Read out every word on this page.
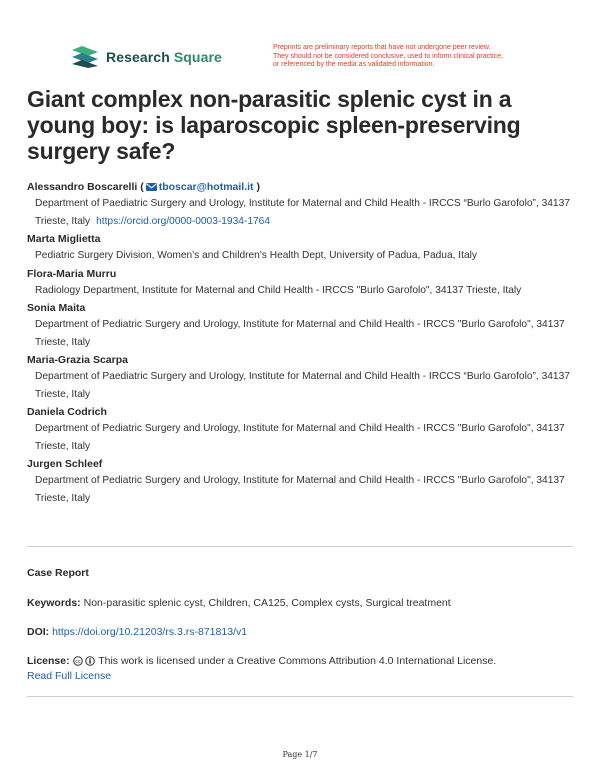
Research Square
Preprints are preliminary reports that have not undergone peer review.
They should not be considered conclusive, used to inform clinical practice,
or referenced by the media as validated information.
Giant complex non-parasitic splenic cyst in a young boy: is laparoscopic spleen-preserving surgery safe?
Alessandro Boscarelli ( tboscar@hotmail.it )
Department of Paediatric Surgery and Urology, Institute for Maternal and Child Health - IRCCS “Burlo Garofolo”, 34137 Trieste, Italy https://orcid.org/0000-0003-1934-1764
Marta Miglietta
Pediatric Surgery Division, Women's and Children's Health Dept, University of Padua, Padua, Italy
Flora-Maria Murru
Radiology Department, Institute for Maternal and Child Health - IRCCS "Burlo Garofolo", 34137 Trieste, Italy
Sonia Maita
Department of Pediatric Surgery and Urology, Institute for Maternal and Child Health - IRCCS "Burlo Garofolo", 34137 Trieste, Italy
Maria-Grazia Scarpa
Department of Paediatric Surgery and Urology, Institute for Maternal and Child Health - IRCCS “Burlo Garofolo”, 34137 Trieste, Italy
Daniela Codrich
Department of Pediatric Surgery and Urology, Institute for Maternal and Child Health - IRCCS "Burlo Garofolo", 34137 Trieste, Italy
Jurgen Schleef
Department of Pediatric Surgery and Urology, Institute for Maternal and Child Health - IRCCS "Burlo Garofolo", 34137 Trieste, Italy
Case Report
Keywords: Non-parasitic splenic cyst, Children, CA125, Complex cysts, Surgical treatment
DOI: https://doi.org/10.21203/rs.3.rs-871813/v1
License: cc This work is licensed under a Creative Commons Attribution 4.0 International License.
Read Full License
Page 1/7
